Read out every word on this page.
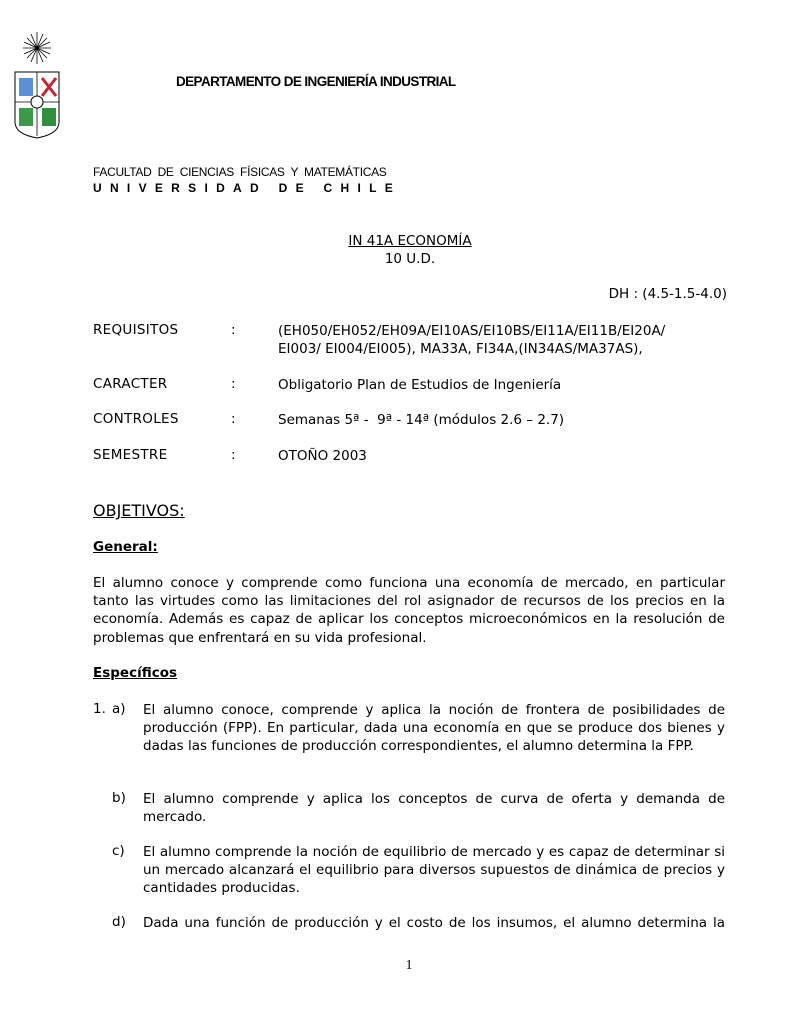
DEPARTAMENTO DE INGENIERÍA INDUSTRIAL
FACULTAD  DE  CIENCIAS  FÍSICAS  Y  MATEMÁTICAS
UNIVERSIDAD DE CHILE
IN 41A ECONOMÍA
10 U.D.
DH : (4.5-1.5-4.0)
REQUISITOS	:	(EH050/EH052/EH09A/EI10AS/EI10BS/EI11A/EI11B/EI20A/
EI003/ EI004/EI005), MA33A, FI34A,(IN34AS/MA37AS),
CARACTER	:	Obligatorio Plan de Estudios de Ingeniería
CONTROLES	:	Semanas 5ª -  9ª - 14ª (módulos 2.6 – 2.7)
SEMESTRE	:	OTOÑO 2003
OBJETIVOS:
General:
El alumno conoce y comprende como funciona una economía de mercado, en particular tanto las virtudes como las limitaciones del rol asignador de recursos de los precios en la economía. Además es capaz de aplicar los conceptos microeconómicos en la resolución de problemas que enfrentará en su vida profesional.
Específicos
1. a) El alumno conoce, comprende y aplica la noción de frontera de posibilidades de producción (FPP). En particular, dada una economía en que se produce dos bienes y dadas las funciones de producción correspondientes, el alumno determina la FPP.
b) El alumno comprende y aplica los conceptos de curva de oferta y demanda de mercado.
c) El alumno comprende la noción de equilibrio de mercado y es capaz de determinar si un mercado alcanzará el equilibrio para diversos supuestos de dinámica de precios y cantidades producidas.
d) Dada una función de producción y el costo de los insumos, el alumno determina la
1
